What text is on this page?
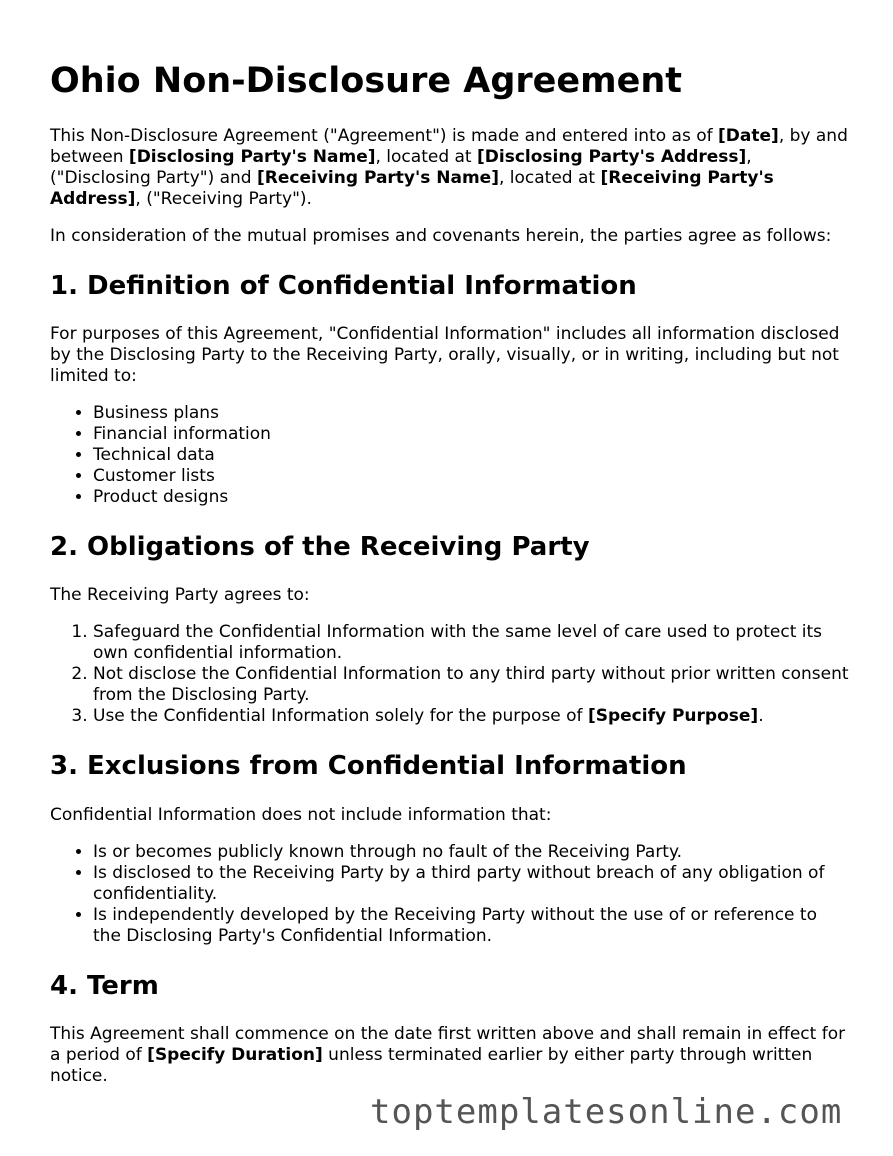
Ohio Non-Disclosure Agreement

This Non-Disclosure Agreement ("Agreement") is made and entered into as of [Date], by and between [Disclosing Party's Name], located at [Disclosing Party's Address], ("Disclosing Party") and [Receiving Party's Name], located at [Receiving Party's Address], ("Receiving Party").

In consideration of the mutual promises and covenants herein, the parties agree as follows:

1. Definition of Confidential Information

For purposes of this Agreement, "Confidential Information" includes all information disclosed by the Disclosing Party to the Receiving Party, orally, visually, or in writing, including but not limited to:

• Business plans
• Financial information
• Technical data
• Customer lists
• Product designs
2. Obligations of the Receiving Party

The Receiving Party agrees to:

1. Safeguard the Confidential Information with the same level of care used to protect its own confidential information.
2. Not disclose the Confidential Information to any third party without prior written consent from the Disclosing Party.
3. Use the Confidential Information solely for the purpose of [Specify Purpose].
3. Exclusions from Confidential Information

Confidential Information does not include information that:

• Is or becomes publicly known through no fault of the Receiving Party.
• Is disclosed to the Receiving Party by a third party without breach of any obligation of confidentiality.
• Is independently developed by the Receiving Party without the use of or reference to the Disclosing Party's Confidential Information.
4. Term

This Agreement shall commence on the date first written above and shall remain in effect for a period of [Specify Duration] unless terminated earlier by either party through written notice.

toptemplatesonline.com
